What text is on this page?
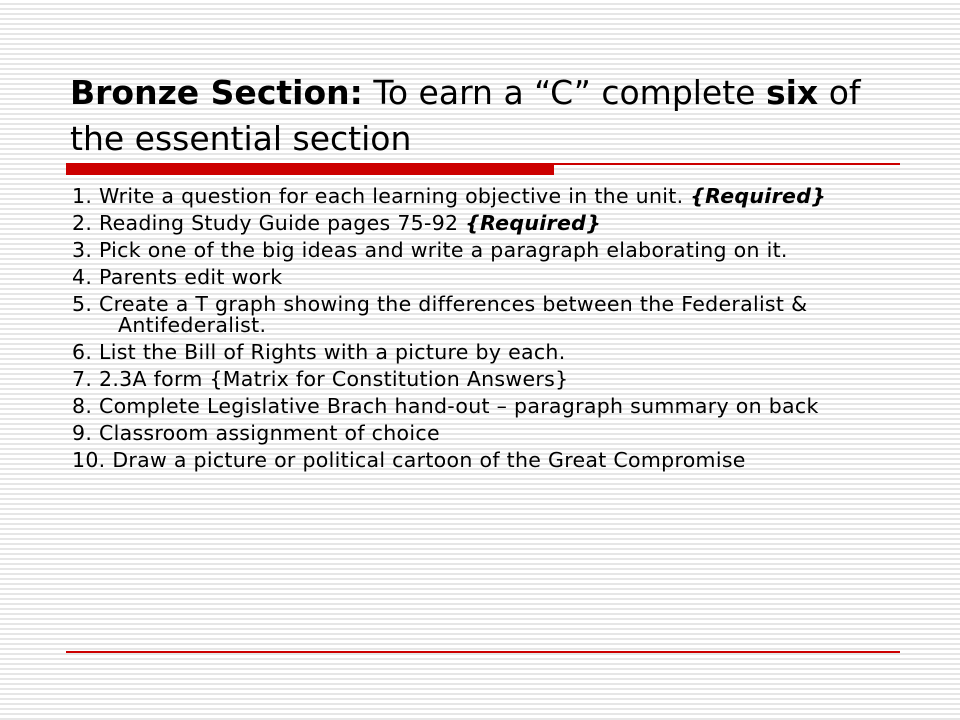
Bronze Section: To earn a “C” complete six of the essential section
1. Write a question for each learning objective in the unit. {Required}
2. Reading Study Guide pages 75-92 {Required}
3. Pick one of the big ideas and write a paragraph elaborating on it.
4. Parents edit work
5. Create a T graph showing the differences between the Federalist & Antifederalist.
6. List the Bill of Rights with a picture by each.
7. 2.3A form {Matrix for Constitution Answers}
8. Complete Legislative Brach hand-out – paragraph summary on back
9. Classroom assignment of choice
10. Draw a picture or political cartoon of the Great Compromise
